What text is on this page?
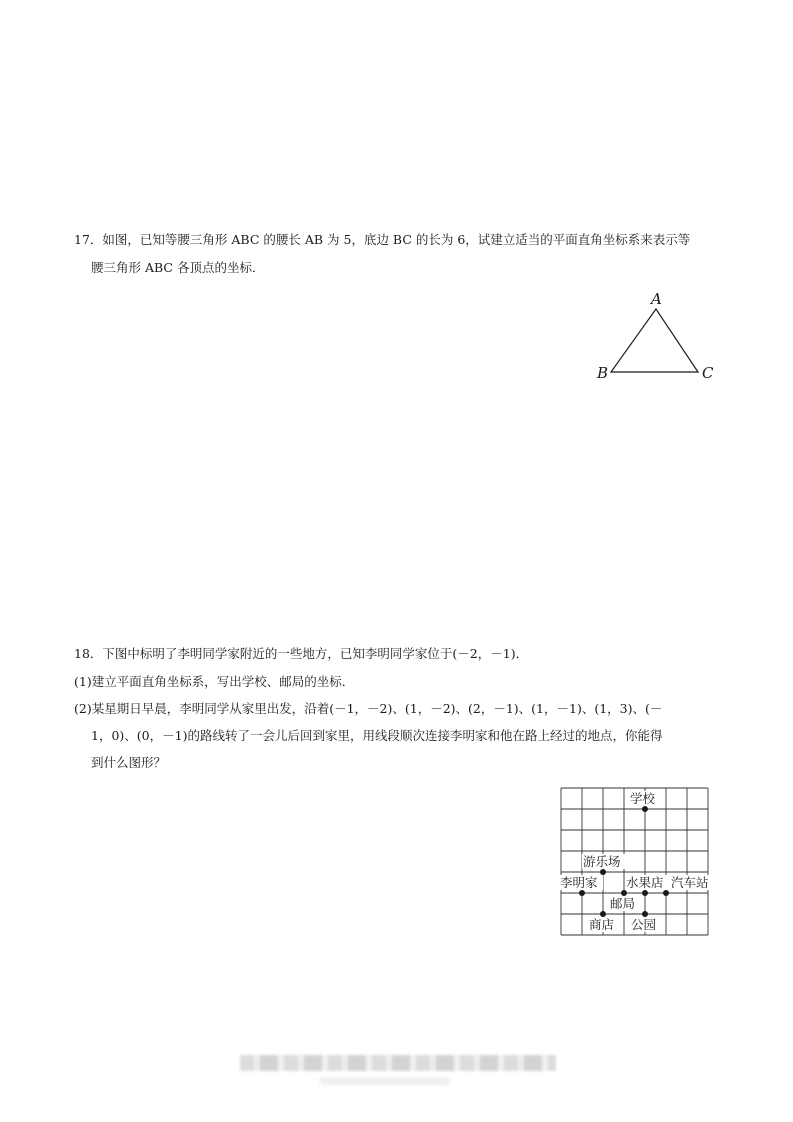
17．如图，已知等腰三角形 ABC 的腰长 AB 为 5，底边 BC 的长为 6，试建立适当的平面直角坐标系来表示等
腰三角形 ABC 各顶点的坐标．
A
B	C
18．下图中标明了李明同学家附近的一些地方，已知李明同学家位于(－2，－1)．
(1)建立平面直角坐标系，写出学校、邮局的坐标．
(2)某星期日早晨，李明同学从家里出发，沿着(－1，－2)、(1，－2)、(2，－1)、(1，－1)、(1，3)、(－
1，0)、(0，－1)的路线转了一会儿后回到家里，用线段顺次连接李明家和他在路上经过的地点，你能得
到什么图形？
学校
游乐场
李明家 水果店 汽车站
邮局
商店 公园
